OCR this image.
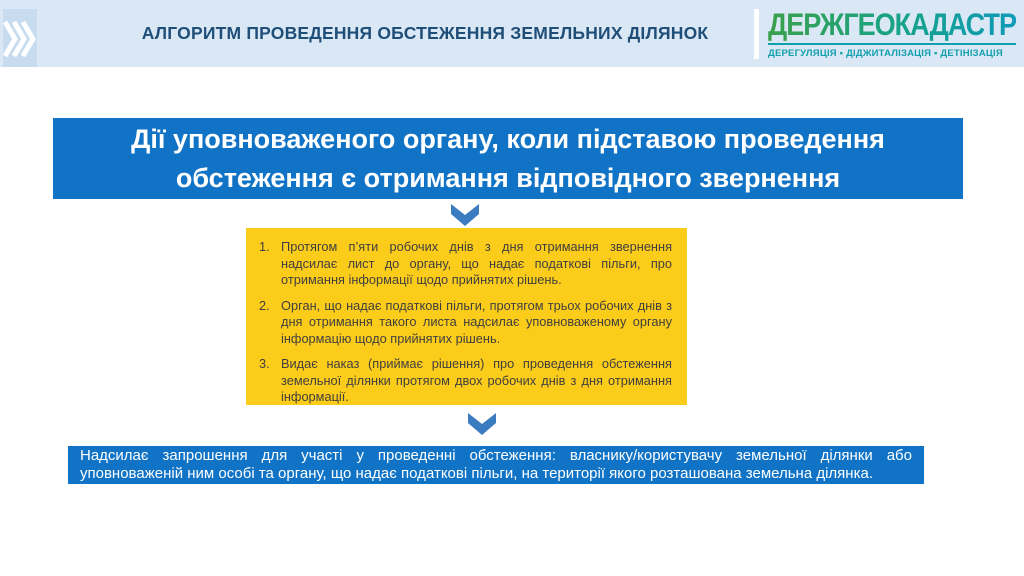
АЛГОРИТМ ПРОВЕДЕННЯ ОБСТЕЖЕННЯ ЗЕМЕЛЬНИХ ДІЛЯНОК	ДЕРЖГЕОКАДАСТР
ДЕРЕГУЛЯЦІЯ ▪ ДІДЖИТАЛІЗАЦІЯ ▪ ДЕТІНІЗАЦІЯ
Дії уповноваженого органу, коли підставою проведення обстеження є отримання відповідного звернення
1. Протягом п’яти робочих днів з дня отримання звернення надсилає лист до органу, що надає податкові пільги, про отримання інформації щодо прийнятих рішень.
2. Орган, що надає податкові пільги, протягом трьох робочих днів з дня отримання такого листа надсилає уповноваженому органу інформацію щодо прийнятих рішень.
3. Видає наказ (приймає рішення) про проведення обстеження земельної ділянки протягом двох робочих днів з дня отримання інформації.
Надсилає запрошення для участі у проведенні обстеження: власнику/користувачу земельної ділянки або уповноваженій ним особі та органу, що надає податкові пільги, на території якого розташована земельна ділянка.
